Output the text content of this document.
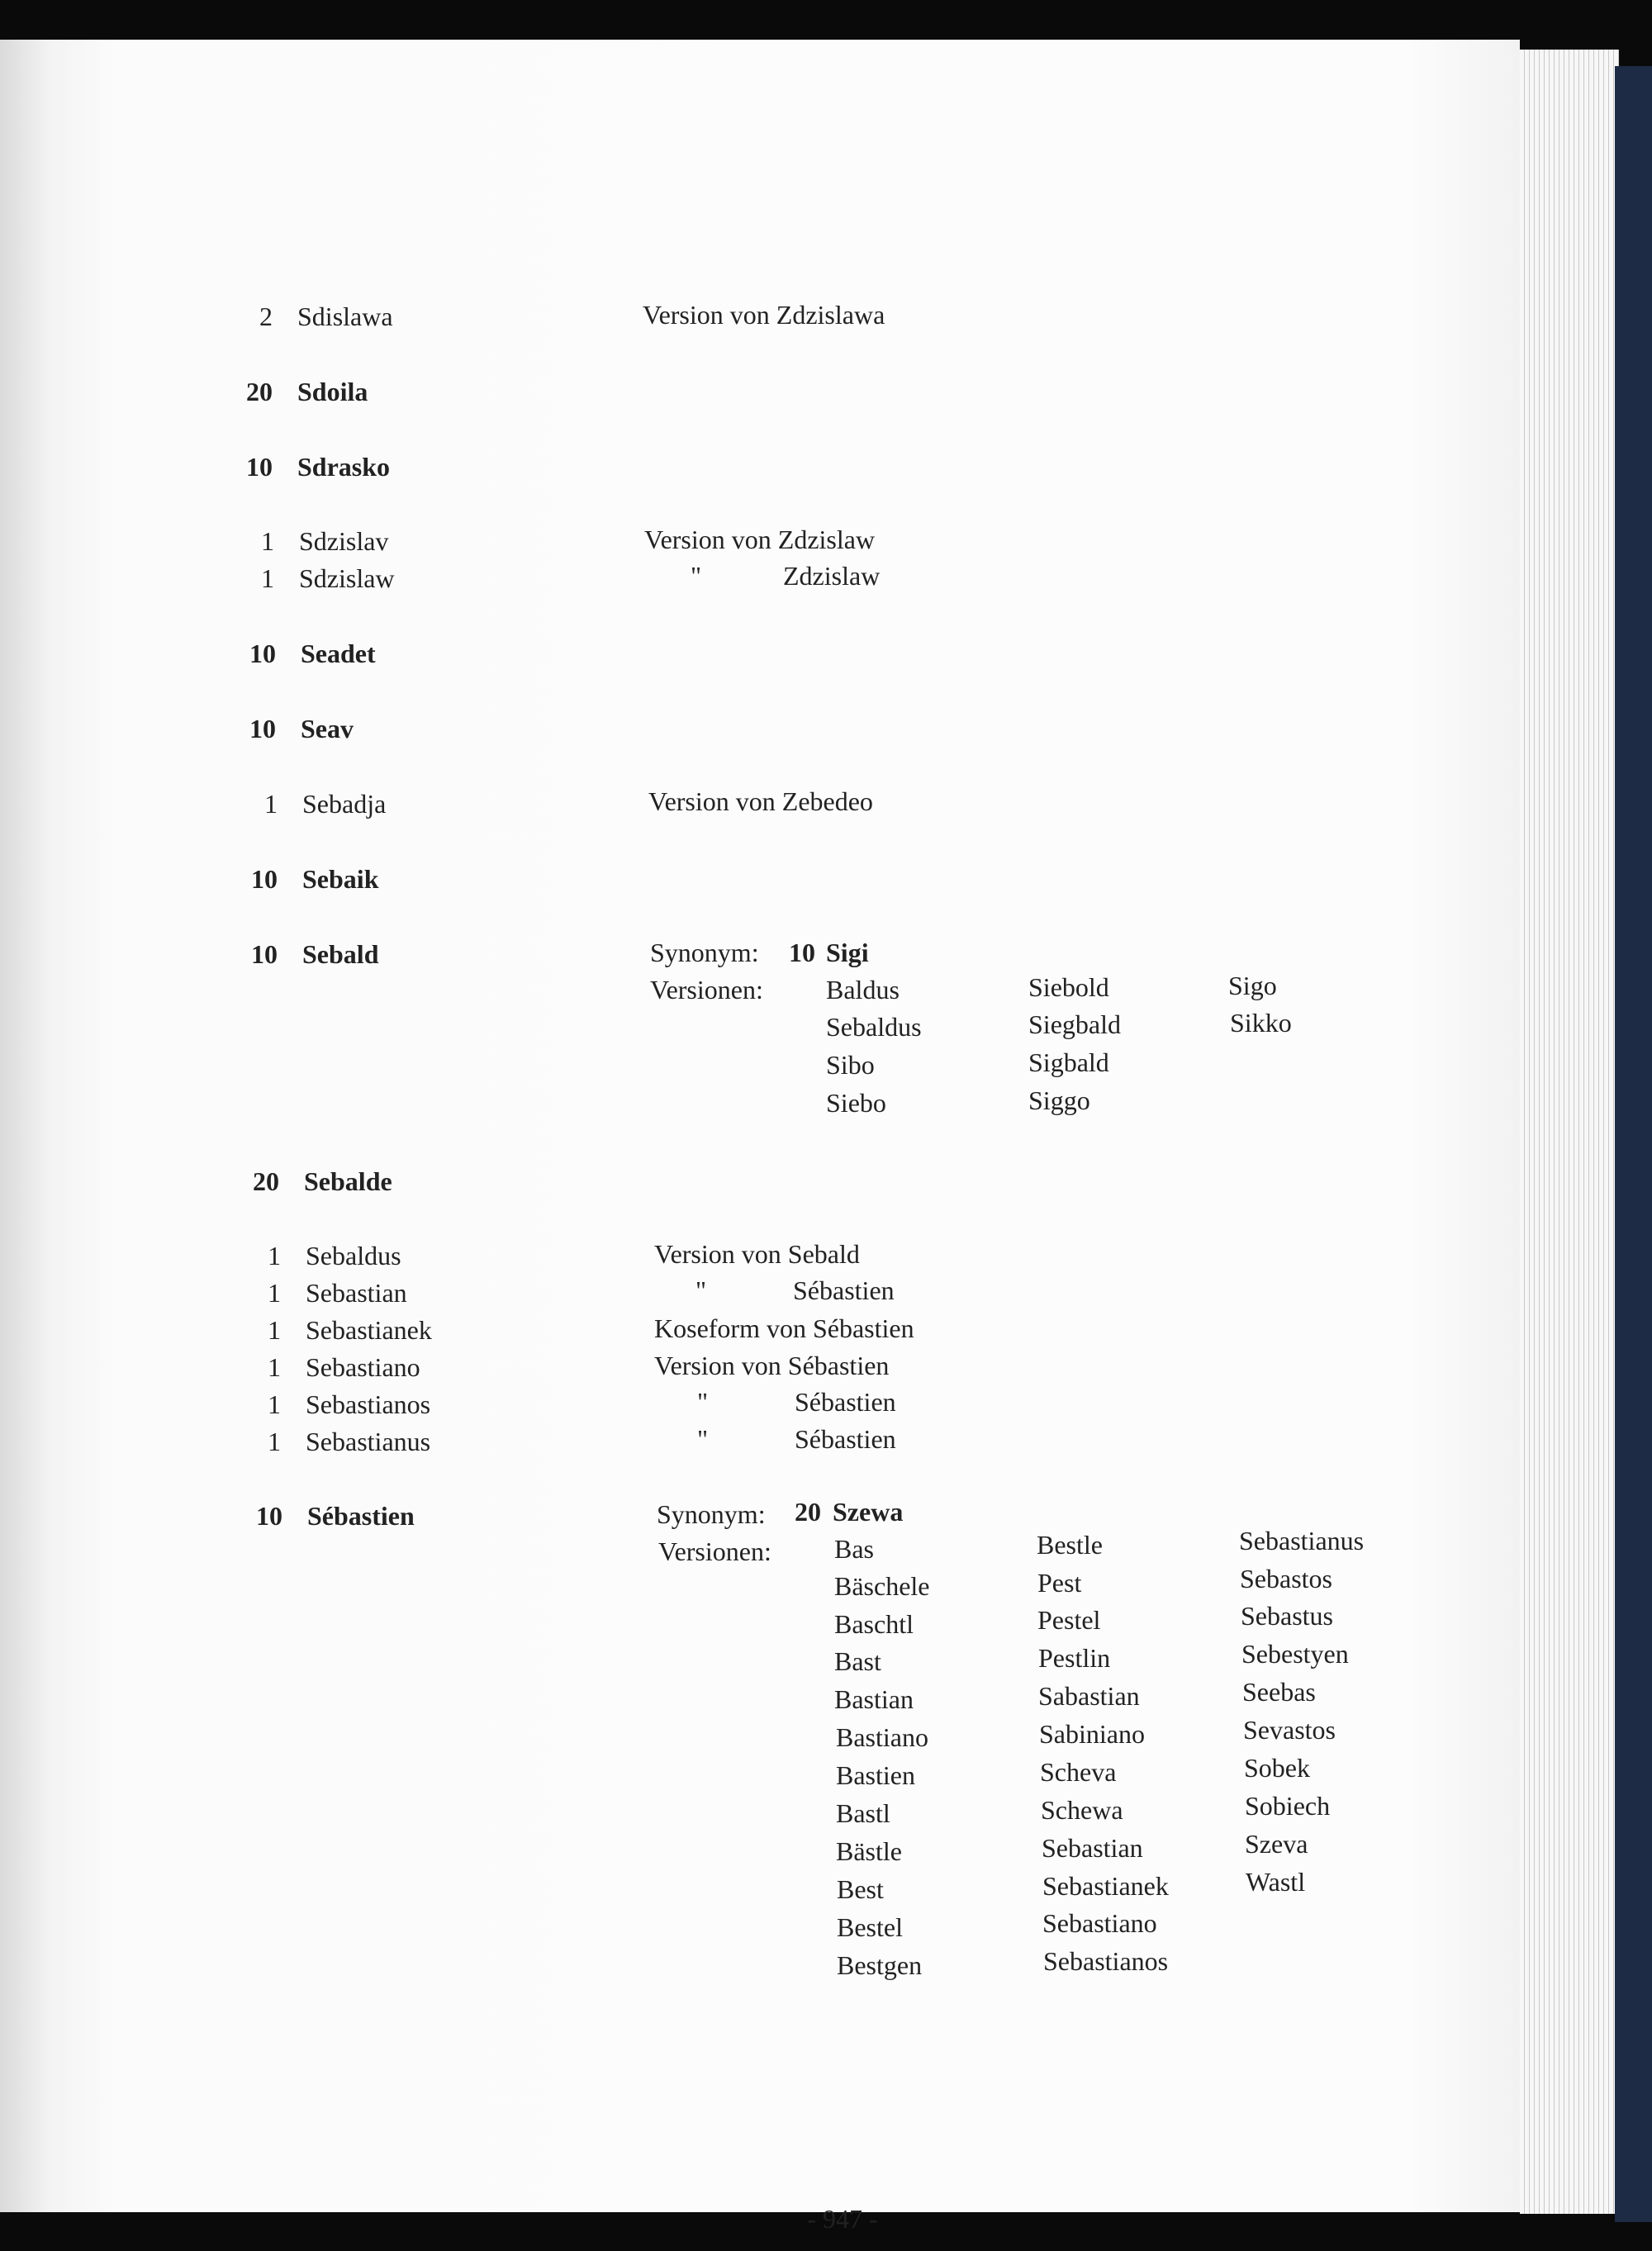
2 Sdislawa	Version von Zdzislawa
20 Sdoila
10 Sdrasko
1 Sdzislav	Version von Zdzislaw
1 Sdzislaw	"	Zdzislaw
10 Seadet
10 Seav
1 Sebadja	Version von Zebedeo
10 Sebaik
10 Sebald	Synonym: 10 Sigi
Versionen: Baldus	Siebold	Sigo
Sebaldus	Siegbald	Sikko
Sibo	Sigbald
Siebo	Siggo
20 Sebalde
1 Sebaldus	Version von Sebald
1 Sebastian	"	Sébastien
1 Sebastianek	Koseform von Sébastien
1 Sebastiano	Version von Sébastien
1 Sebastianos	"	Sébastien
1 Sebastianus	"	Sébastien
10 Sébastien	Synonym: 20 Szewa
Versionen: Bas	Bestle	Sebastianus
Bäschele	Pest	Sebastos
Baschtl	Pestel	Sebastus
Bast	Pestlin	Sebestyen
Bastian	Sabastian	Seebas
Bastiano	Sabiniano	Sevastos
Bastien	Scheva	Sobek
Bastl	Schewa	Sobiech
Bästle	Sebastian	Szeva
Best	Sebastianek	Wastl
Bestel	Sebastiano
Bestgen	Sebastianos
- 947 -
